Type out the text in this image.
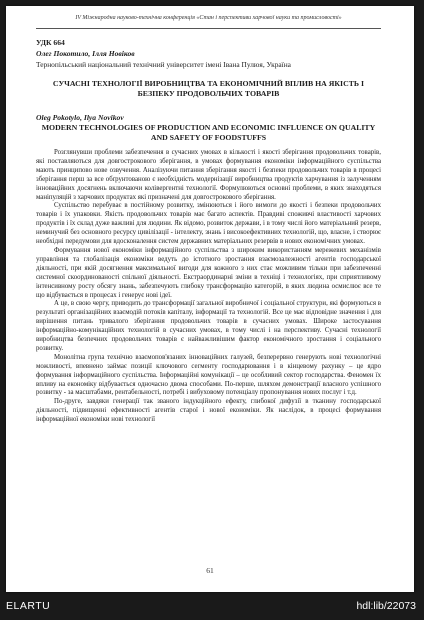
IV Міжнародна науково-технічна конференція «Стан і перспективи харчової науки та промисловості»
УДК 664
Олег Покотило, Ілля Новіков
Тернопільський національний технічний університет імені Івана Пулюя, Україна
СУЧАСНІ ТЕХНОЛОГІЇ ВИРОБНИЦТВА ТА ЕКОНОМІЧНИЙ ВПЛИВ НА ЯКІСТЬ І БЕЗПЕКУ ПРОДОВОЛЬЧИХ ТОВАРІВ
Oleg Pokotylo, Ilya Novikov
MODERN TECHNOLOGIES OF PRODUCTION AND ECONOMIC INFLUENCE ON QUALITY AND SAFETY OF FOODSTUFFS

Розглянувши проблеми забезпечення в сучасних умовах в кількості і якості зберігання продовольчих товарів, які поставляються для довгострокового зберігання, в умовах формування економіки інформаційного суспільства мають принципово нове озвучення. Аналізуючи питання зберігання якості і безпеки продовольчих товарів в процесі зберігання перш за все обґрунтованою є необхідність модернізації виробництва продуктів харчування із залученням інноваційних досягнень включаючи колівергентні технології. Формулюються основні проблеми, в яких знаходяться маніпуляцій з харчових продуктах які призначені для довгострокового зберігання.

Суспільство перебуває в постійному розвитку, змінюються і його вимоги до якості і безпеки продовольчих товарів і їх упаковки. Якість продовольчих товарів має багато аспектів. Правдиві споживчі властивості харчових продуктів і їх склад дуже важливі для людини. Як відомо, розвиток держави, і в тому числі його матеріальний резерв, неминучий без основного ресурсу цивілізації - інтелекту, знань і високоефективних технологій, що, власне, і створює необхідні передумови для вдосконалення систем державних матеріальних резервів в нових економічних умовах.

Формування нової економіки інформаційного суспільства з широким використанням мережевих механізмів управління та глобалізація економіки ведуть до істотного зростання взаємозалежності агентів господарської діяльності, при якій досягнення максимальної вигоди для кожного з них стає можливим тільки при забезпеченні системної скоординованості спільної діяльності. Екстраординарні зміни в техніці і технологіях, при сприятливому інтенсивному росту обсягу знань, забезпечують глибоку трансформацію категорій, в яких людина осмислює все те що відбувається в процесах і генерує нові ідеї.

А це, в свою чергу, приводить до трансформації загальної виробничої і соціальної структури, які формуються в результаті організаційних взаємодій потоків капіталу, інформації та технологій. Все це має відповідне значення і для вирішення питань тривалого зберігання продовольчих товарів в сучасних умовах. Широке застосування інформаційно-комунікаційних технологій в сучасних умовах, в тому числі і на перспективу. Сучасні технології виробництва безпечних продовольчих товарів є найважливішим фактор економічного зростання і соціального розвитку.

Монолітна група технічно взаємопов'язаних інноваційних галузей, безперервно генерують нові технологічні можливості, впевнено займає позиції ключового сегменту господарювання і в кінцевому рахунку – це ядро формування інформаційного суспільства. Інформаційні комунікації – це особливий сектор господарства. Феномен їх впливу на економіку відбувається одночасно двома способами. По-перше, шляхом демонстрації власного успішного розвитку - за масштабами, рентабельності, потребі і вибуховому потенціалу пропонування нових послуг і т.д.

По-друге, завдяки генерації так званого індукційного ефекту, глибокої дифузії в тканину господарської діяльності, підвищенні ефективності агентів старої і нової економіки. Як наслідок, в процесі формування інформаційної економіки нові технології

61
ELARTU	hdl:lib/22073
